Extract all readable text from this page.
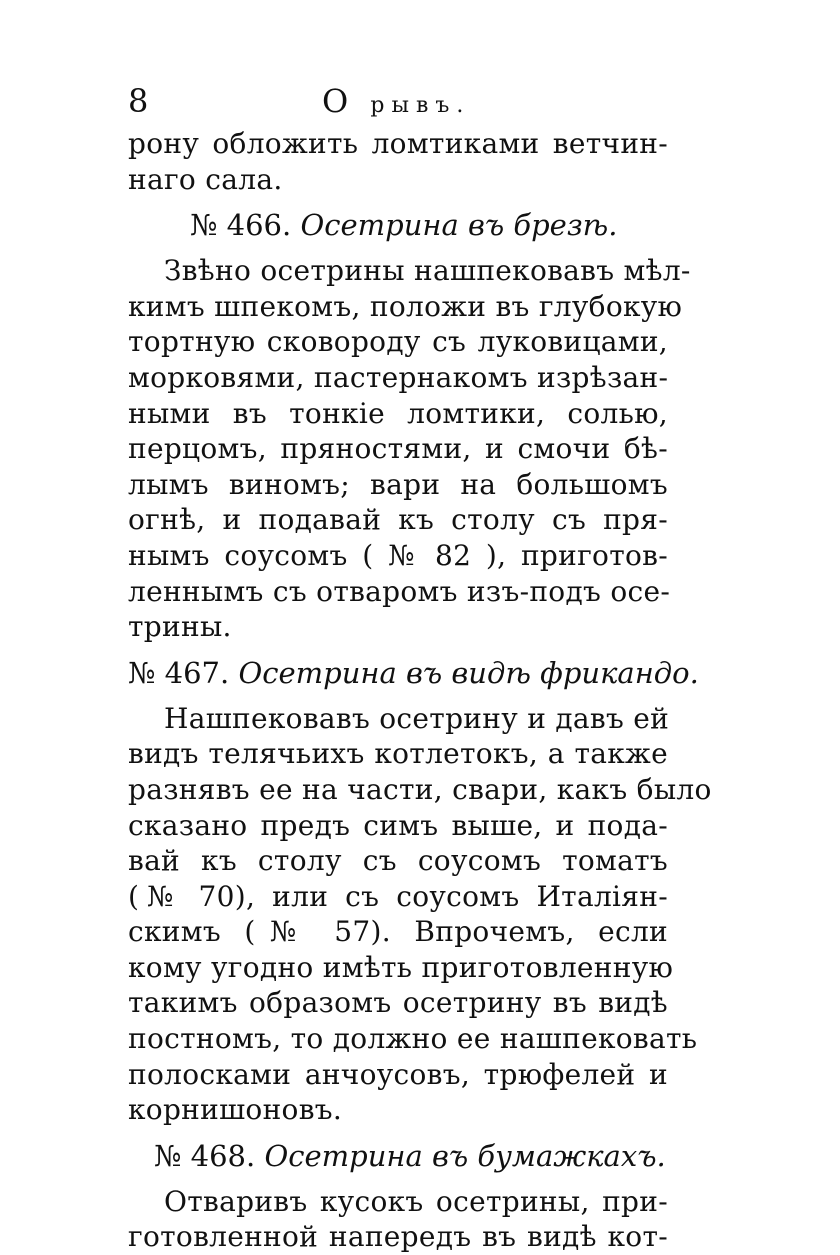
8	О рывъ.
рону обложить ломтиками ветчин-
наго сала.
№ 466. Осетрина въ брезѣ.
Звѣно осетрины нашпековавъ мѣл-
кимъ шпекомъ, положи въ глубокую
тортную сковороду съ луковицами,
морковями, пастернакомъ изрѣзан-
ными въ тонкіе ломтики, солью,
перцомъ, пряностями, и смочи бѣ-
лымъ виномъ; вари на большомъ
огнѣ, и подавай къ столу съ пря-
нымъ соусомъ ( № 82 ), приготов-
леннымъ съ отваромъ изъ-подъ осе-
трины.
№ 467. Осетрина въ видѣ фрикандо.
Нашпековавъ осетрину и давъ ей
видъ телячьихъ котлетокъ, а также
разнявъ ее на части, свари, какъ было
сказано предъ симъ выше, и пода-
вай къ столу съ соусомъ томатъ
(№ 70), или съ соусомъ Италіян-
скимъ (№ 57). Впрочемъ, если
кому угодно имѣть приготовленную
такимъ образомъ осетрину въ видѣ
постномъ, то должно ее нашпековать
полосками анчоусовъ, трюфелей и
корнишоновъ.
№ 468. Осетрина въ бумажкахъ.
Отваривъ кусокъ осетрины, при-
готовленной напередъ въ видѣ кот-
